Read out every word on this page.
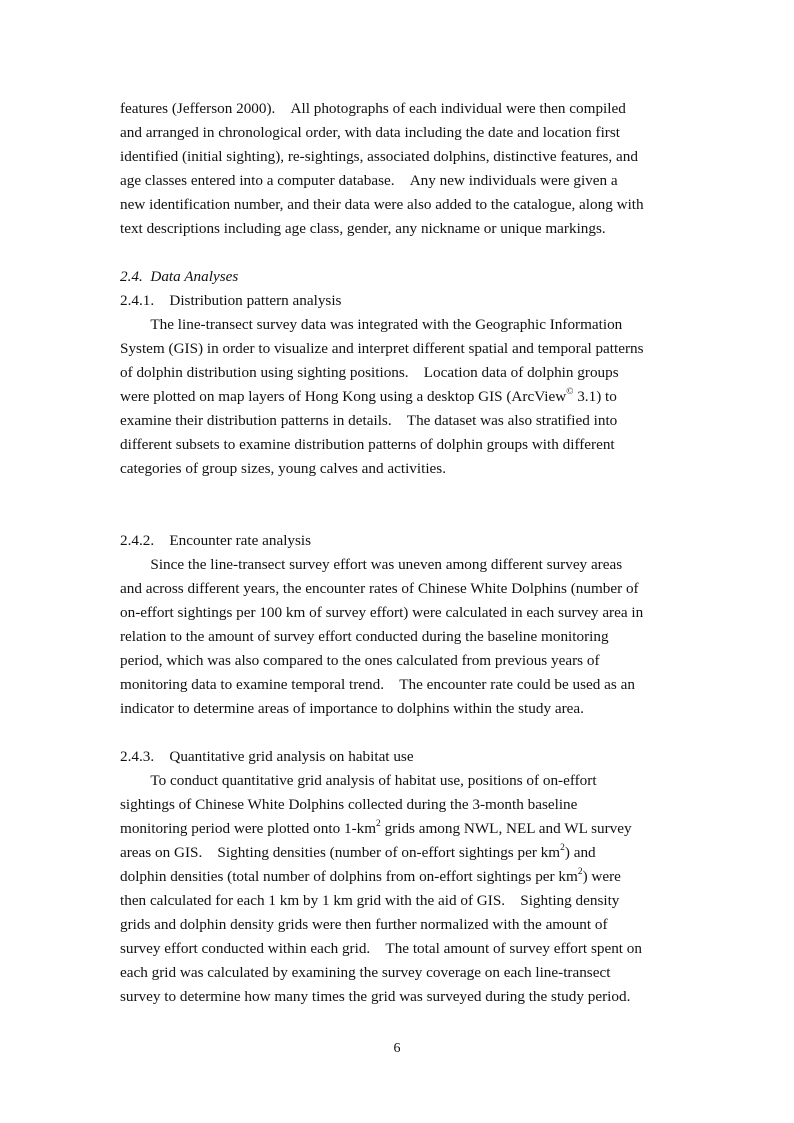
features (Jefferson 2000). All photographs of each individual were then compiled
and arranged in chronological order, with data including the date and location first
identified (initial sighting), re-sightings, associated dolphins, distinctive features, and
age classes entered into a computer database. Any new individuals were given a
new identification number, and their data were also added to the catalogue, along with
text descriptions including age class, gender, any nickname or unique markings.
2.4. Data Analyses
2.4.1. Distribution pattern analysis
  The line-transect survey data was integrated with the Geographic Information
System (GIS) in order to visualize and interpret different spatial and temporal patterns
of dolphin distribution using sighting positions. Location data of dolphin groups
were plotted on map layers of Hong Kong using a desktop GIS (ArcView© 3.1) to
examine their distribution patterns in details. The dataset was also stratified into
different subsets to examine distribution patterns of dolphin groups with different
categories of group sizes, young calves and activities.
2.4.2. Encounter rate analysis
  Since the line-transect survey effort was uneven among different survey areas
and across different years, the encounter rates of Chinese White Dolphins (number of
on-effort sightings per 100 km of survey effort) were calculated in each survey area in
relation to the amount of survey effort conducted during the baseline monitoring
period, which was also compared to the ones calculated from previous years of
monitoring data to examine temporal trend. The encounter rate could be used as an
indicator to determine areas of importance to dolphins within the study area.
2.4.3. Quantitative grid analysis on habitat use
  To conduct quantitative grid analysis of habitat use, positions of on-effort
sightings of Chinese White Dolphins collected during the 3-month baseline
monitoring period were plotted onto $1-km^2$ grids among NWL, NEL and WL survey
areas on GIS. Sighting densities (number of on-effort sightings per $km^2$) and
dolphin densities (total number of dolphins from on-effort sightings per $km^2$) were
then calculated for each 1 km by 1 km grid with the aid of GIS. Sighting density
grids and dolphin density grids were then further normalized with the amount of
survey effort conducted within each grid. The total amount of survey effort spent on
each grid was calculated by examining the survey coverage on each line-transect
survey to determine how many times the grid was surveyed during the study period.
6
